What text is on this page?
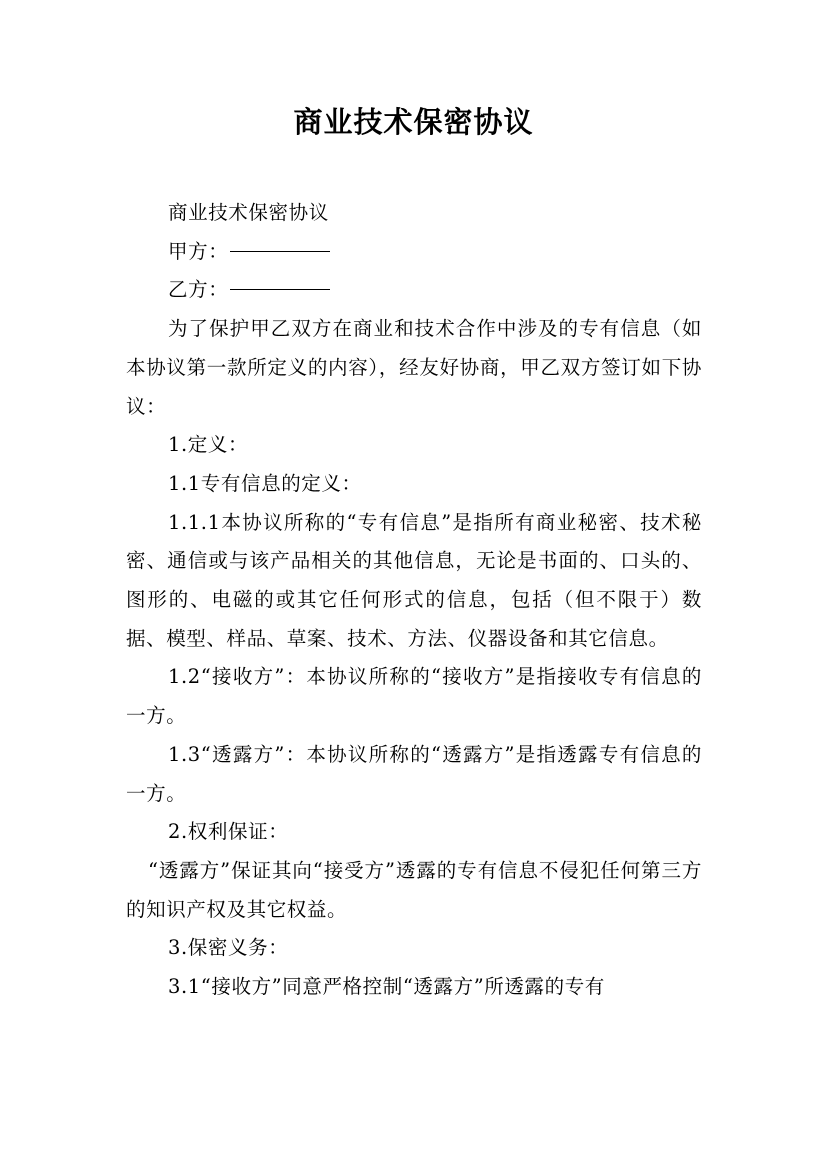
商业技术保密协议

商业技术保密协议

甲方：

乙方：

为了保护甲乙双方在商业和技术合作中涉及的专有信息（如本协议第一款所定义的内容），经友好协商，甲乙双方签订如下协议：

1.定义：

1.1专有信息的定义：

1.1.1本协议所称的“专有信息”是指所有商业秘密、技术秘密、通信或与该产品相关的其他信息，无论是书面的、口头的、图形的、电磁的或其它任何形式的信息，包括（但不限于）数据、模型、样品、草案、技术、方法、仪器设备和其它信息。

1.2“接收方”：本协议所称的“接收方”是指接收专有信息的一方。

1.3“透露方”：本协议所称的“透露方”是指透露专有信息的一方。

2.权利保证：

“透露方”保证其向“接受方”透露的专有信息不侵犯任何第三方的知识产权及其它权益。

3.保密义务：

3.1“接收方”同意严格控制“透露方”所透露的专有
